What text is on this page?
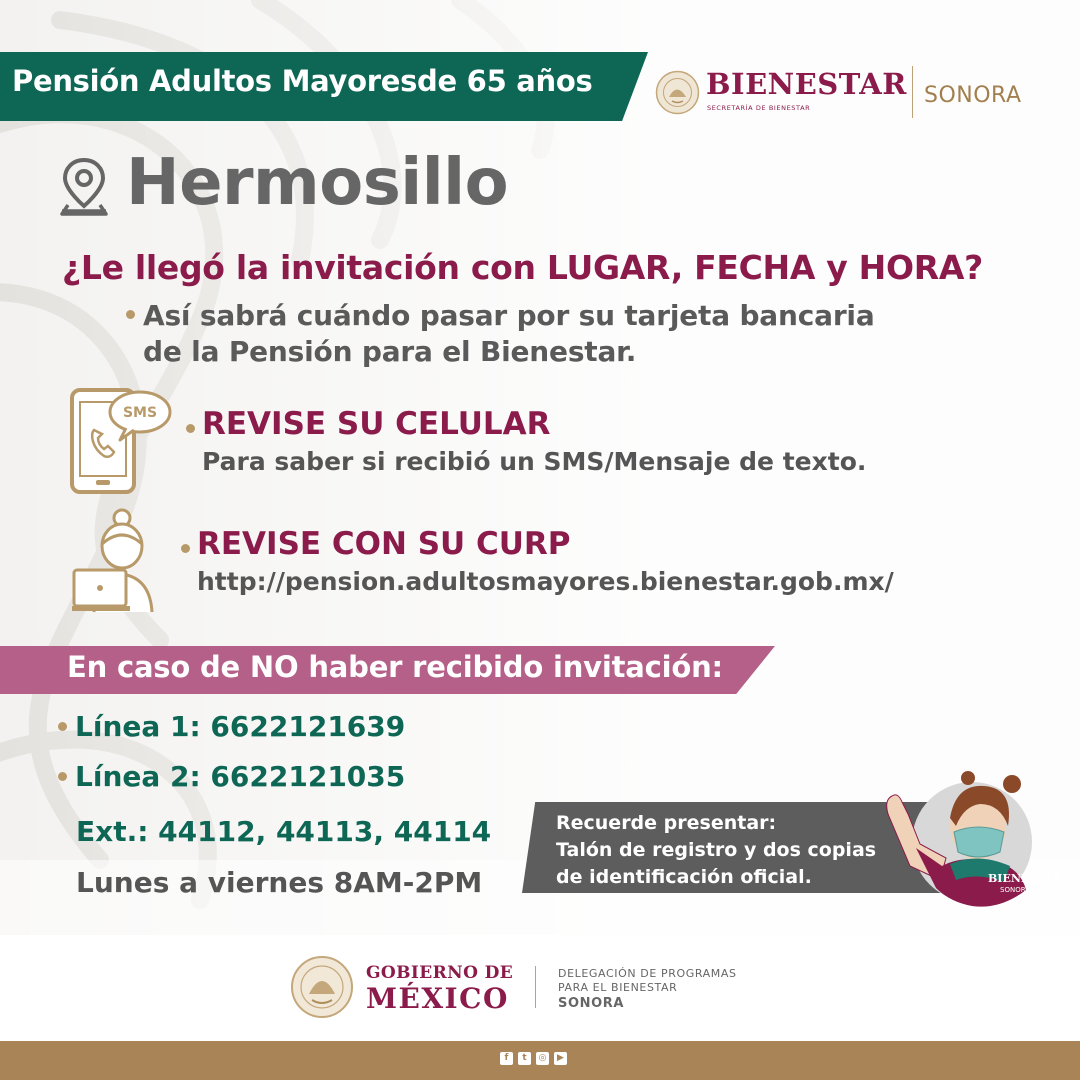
Pensión Adultos Mayoresde 65 años	BIENESTAR
SECRETARÍA DE BIENESTAR	SONORA
Hermosillo
¿Le llegó la invitación con LUGAR, FECHA y HORA?
Así sabrá cuándo pasar por su tarjeta bancaria
de la Pensión para el Bienestar.
SMS REVISE SU CELULAR
Para saber si recibió un SMS/Mensaje de texto.
REVISE CON SU CURP
http://pension.adultosmayores.bienestar.gob.mx/
En caso de NO haber recibido invitación:
Línea 1: 6622121639
Línea 2: 6622121035
Ext.: 44112, 44113, 44114
Lunes a viernes 8AM-2PM
Recuerde presentar:
Talón de registro y dos copias
de identificación oficial.	BIENESTAR
SONORA
GOBIERNO DE
MÉXICO
DELEGACIÓN DE PROGRAMAS
PARA EL BIENESTAR
SONORA
f	t	◎	▶
